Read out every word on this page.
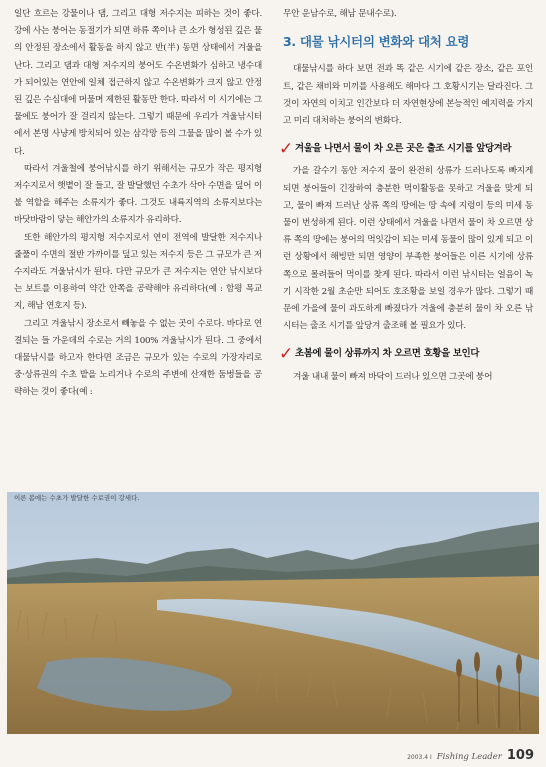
일단 흐르는 강물이나 댐, 그리고 대형 저수지는 피하는 것이 좋다. 강에 사는 붕어는 동절기가 되면 하류 쪽이나 큰 소가 형성된 깊은 물의 안정된 장소에서 활동을 하지 않고 반(半) 동면 상태에서 겨울을 난다. 그리고 댐과 대형 저수지의 붕어도 수온변화가 심하고 냉수대가 되어있는 연안에 일체 접근하지 않고 수온변화가 크지 않고 안정된 깊은 수심대에 머물며 제한된 활동만 한다. 따라서 이 시기에는 그물에도 붕어가 잘 걸리지 않는다. 그렇기 때문에 우리가 겨울낚시터에서 본명 사냥게 방치되어 있는 삼각망 등의 그물을 많이 볼 수가 있다.

따라서 겨울철에 붕어낚시를 하기 위해서는 규모가 작은 평지형 저수지로서 햇볕이 잘 들고, 잘 발달했던 수초가 삭아 수면을 덮어 이불 역할을 해주는 소류지가 좋다. 그것도 내륙지역의 소류지보다는 바닷바람이 닿는 해안가의 소류지가 유리하다.

또한 해안가의 평지형 저수지로서 연이 전역에 발달한 저수지나 줄풀이 수면의 절반 가까이를 덮고 있는 저수지 등은 그 규모가 큰 저수지라도 겨울낚시가 된다. 다만 규모가 큰 저수지는 연안 낚시보다는 보트를 이용하여 약간 안쪽을 공략해야 유리하다(예 : 함평 목교지, 해남 연호지 등).

그리고 겨울낚시 장소로서 빼놓을 수 없는 곳이 수로다. 바다로 연결되는 들 가운데의 수로는 거의 100% 겨울낚시가 된다. 그 중에서 대물낚시를 하고자 한다면 조금은 규모가 있는 수로의 가장자리로 중·상류권의 수초 밭을 노리거나 수로의 주변에 산재한 둠벙들을 공략하는 것이 좋다(예 :

무안 운남수로, 해남 문내수로).

3. 대물 낚시터의 변화와 대처 요령

대물낚시를 하다 보면 전과 똑 같은 시기에 같은 장소, 같은 포인트, 같은 채비와 미끼를 사용해도 해마다 그 호황시기는 달라진다. 그것이 자연의 이치고 인간보다 더 자연현상에 본능적인 예지력을 가지고 미리 대처하는 붕어의 변화다.

✓ 겨울을 나면서 물이 차 오른 곳은 출조 시기를 앞당겨라

가을 갈수기 동안 저수지 물이 완전히 상류가 드러나도록 빠지게 되면 붕어들이 긴장하여 충분한 먹이활동을 못하고 겨울을 맞게 되고, 물이 빠져 드러난 상류 쪽의 땅에는 땅 속에 지렁이 등의 미세 동물이 번성하게 된다. 이런 상태에서 겨울을 나면서 물이 차 오르면 상류 쪽의 땅에는 붕어의 먹잇감이 되는 미세 동물이 많이 있게 되고 이런 상황에서 해빙만 되면 영양이 부족한 붕어들은 이른 시기에 상류 쪽으로 몰려들어 먹이를 찾게 된다. 따라서 이런 낚시터는 얼음이 녹기 시작한 2월 초순만 되어도 호조황을 보일 경우가 많다. 그렇기 때문에 가을에 물이 과도하게 빠졌다가 겨울에 충분히 물이 차 오른 낚시터는 출조 시기를 앞당겨 출조해 볼 필요가 있다.

✓ 초봄에 물이 상류까지 차 오르면 호황을 보인다

겨울 내내 물이 빠져 바닥이 드러나 있으면 그곳에 붕어

이른 봄에는 수초가 발달한 수로권이 강세다.
2003.4 I Fishing Leader 109
